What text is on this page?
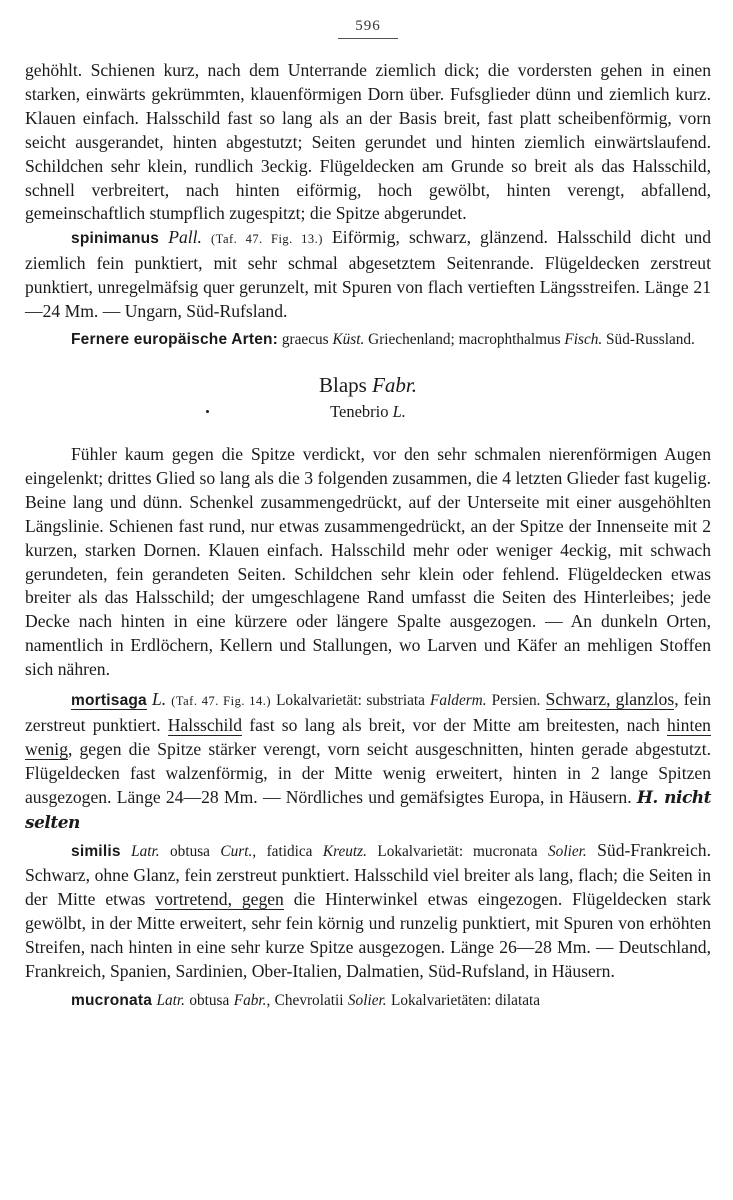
596

gehöhlt. Schienen kurz, nach dem Unterrande ziemlich dick; die vordersten gehen in einen starken, einwärts gekrümmten, klauenförmigen Dorn über. Fufsglieder dünn und ziemlich kurz. Klauen einfach. Halsschild fast so lang als an der Basis breit, fast platt scheibenförmig, vorn seicht ausgerandet, hinten abgestutzt; Seiten gerundet und hinten ziemlich einwärtslaufend. Schildchen sehr klein, rundlich 3eckig. Flügeldecken am Grunde so breit als das Halsschild, schnell verbreitert, nach hinten eiförmig, hoch gewölbt, hinten verengt, abfallend, gemeinschaftlich stumpflich zugespitzt; die Spitze abgerundet.

spinimanus Pall. (Taf. 47. Fig. 13.) Eiförmig, schwarz, glänzend. Halsschild dicht und ziemlich fein punktiert, mit sehr schmal abgesetztem Seitenrande. Flügeldecken zerstreut punktiert, unregelmäfsig quer gerunzelt, mit Spuren von flach vertieften Längsstreifen. Länge 21—24 Mm. — Ungarn, Süd-Rufsland.

Fernere europäische Arten: graecus Küst. Griechenland; macrophthalmus Fisch. Süd-Russland.

Blaps Fabr.
Tenebrio L.

Fühler kaum gegen die Spitze verdickt, vor den sehr schmalen nierenförmigen Augen eingelenkt; drittes Glied so lang als die 3 folgenden zusammen, die 4 letzten Glieder fast kugelig. Beine lang und dünn. Schenkel zusammengedrückt, auf der Unterseite mit einer ausgehöhlten Längslinie. Schienen fast rund, nur etwas zusammengedrückt, an der Spitze der Innenseite mit 2 kurzen, starken Dornen. Klauen einfach. Halsschild mehr oder weniger 4eckig, mit schwach gerundeten, fein gerandeten Seiten. Schildchen sehr klein oder fehlend. Flügeldecken etwas breiter als das Halsschild; der umgeschlagene Rand umfasst die Seiten des Hinterleibes; jede Decke nach hinten in eine kürzere oder längere Spalte ausgezogen. — An dunkeln Orten, namentlich in Erdlöchern, Kellern und Stallungen, wo Larven und Käfer an mehligen Stoffen sich nähren.

mortisaga L. (Taf. 47. Fig. 14.) Lokalvarietät: substriata Falderm. Persien. Schwarz, glanzlos, fein zerstreut punktiert. Halsschild fast so lang als breit, vor der Mitte am breitesten, nach hinten wenig, gegen die Spitze stärker verengt, vorn seicht ausgeschnitten, hinten gerade abgestutzt. Flügeldecken fast walzenförmig, in der Mitte wenig erweitert, hinten in 2 lange Spitzen ausgezogen. Länge 24—28 Mm. — Nördliches und gemäfsigtes Europa, in Häusern. H. nicht selten

similis Latr. obtusa Curt., fatidica Kreutz. Lokalvarietät: mucronata Solier. Süd-Frankreich. Schwarz, ohne Glanz, fein zerstreut punktiert. Halsschild viel breiter als lang, flach; die Seiten in der Mitte etwas vortretend, gegen die Hinterwinkel etwas eingezogen. Flügeldecken stark gewölbt, in der Mitte erweitert, sehr fein körnig und runzelig punktiert, mit Spuren von erhöhten Streifen, nach hinten in eine sehr kurze Spitze ausgezogen. Länge 26—28 Mm. — Deutschland, Frankreich, Spanien, Sardinien, Ober-Italien, Dalmatien, Süd-Rufsland, in Häusern.

mucronata Latr. obtusa Fabr., Chevrolatii Solier. Lokalvarietäten: dilatata
